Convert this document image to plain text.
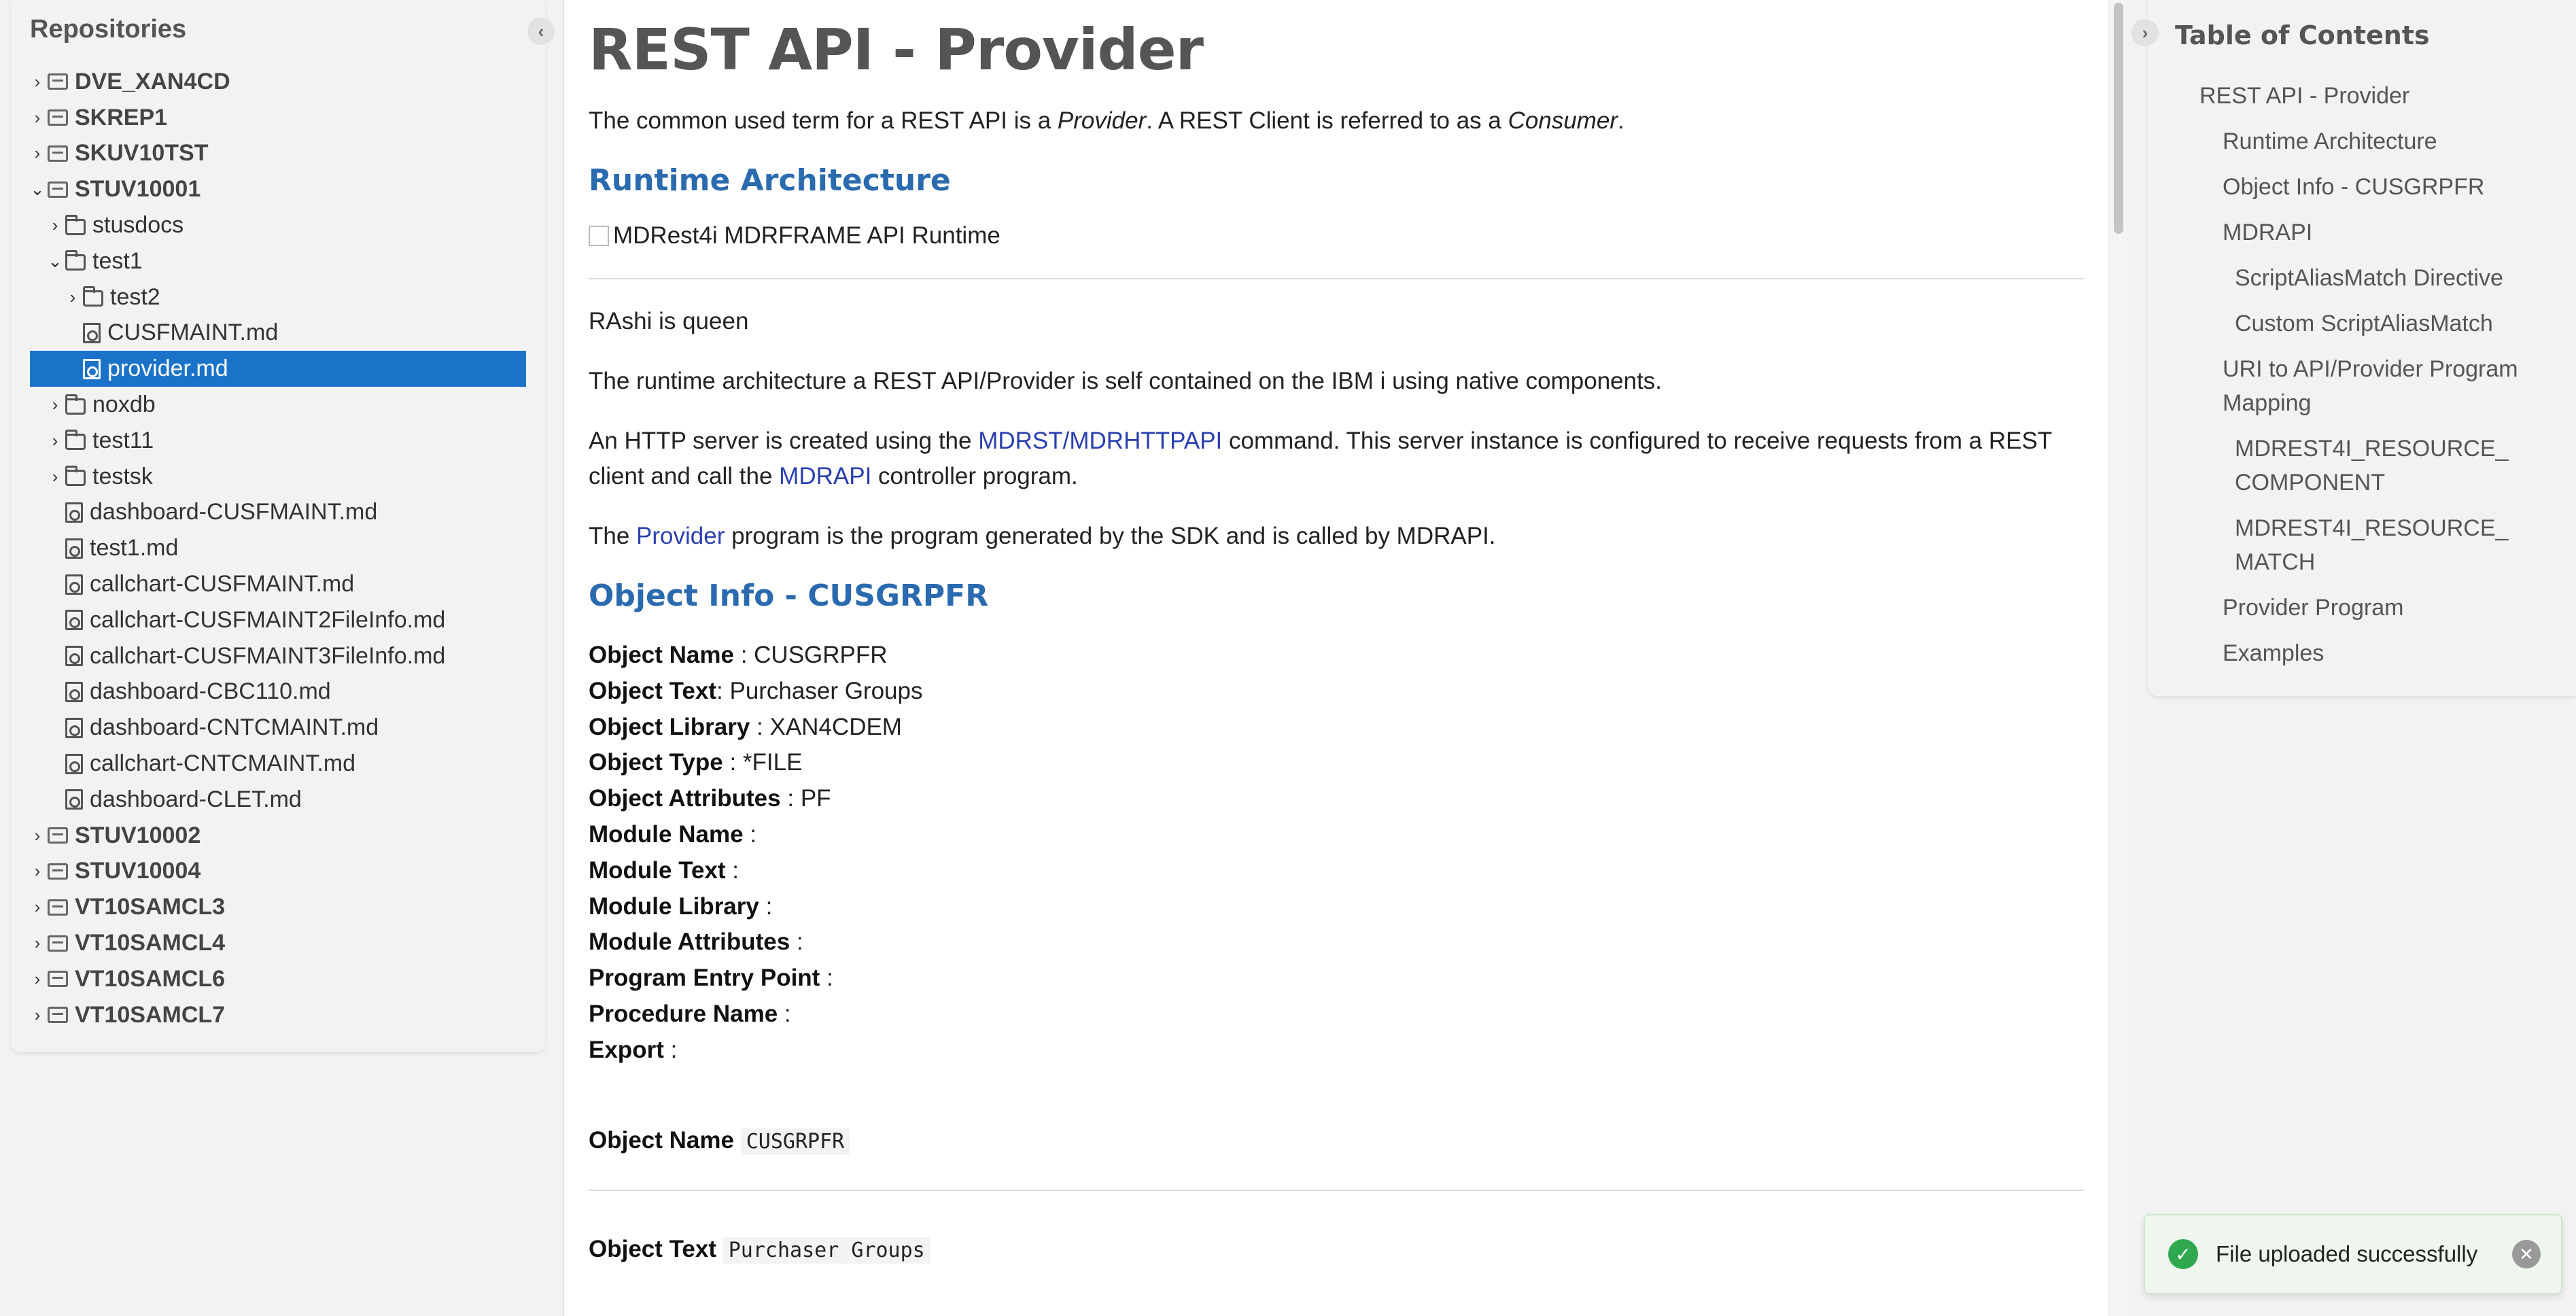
Repositories
› DVE_XAN4CD
› SKREP1
› SKUV10TST
⌄ STUV10001
› stusdocs
⌄ test1
› test2
CUSFMAINT.md
provider.md
› noxdb
› test11
› testsk
dashboard-CUSFMAINT.md
test1.md
callchart-CUSFMAINT.md
callchart-CUSFMAINT2FileInfo.md
callchart-CUSFMAINT3FileInfo.md
dashboard-CBC110.md
dashboard-CNTCMAINT.md
callchart-CNTCMAINT.md
dashboard-CLET.md
› STUV10002
› STUV10004
› VT10SAMCL3
› VT10SAMCL4
› VT10SAMCL6
› VT10SAMCL7
‹ REST API - Provider

The common used term for a REST API is a Provider. A REST Client is referred to as a Consumer.

Runtime Architecture
MDRest4i MDRFRAME API Runtime

RAshi is queen

The runtime architecture a REST API/Provider is self contained on the IBM i using native components.

An HTTP server is created using the MDRST/MDRHTTPAPI command. This server instance is configured to receive requests from a REST client and call the MDRAPI controller program.

The Provider program is the program generated by the SDK and is called by MDRAPI.

Object Info - CUSGRPFR
Object Name : CUSGRPFR
Object Text: Purchaser Groups
Object Library : XAN4CDEM
Object Type : *FILE
Object Attributes : PF
Module Name :
Module Text :
Module Library :
Module Attributes :
Program Entry Point :
Procedure Name :
Export :
Object Name CUSGRPFR
Object Text Purchaser Groups
› Table of Contents
REST API - Provider
Runtime Architecture
Object Info - CUSGRPFR
MDRAPI
ScriptAliasMatch Directive
Custom ScriptAliasMatch
URI to API/Provider Program Mapping
MDREST4I_RESOURCE_ COMPONENT
MDREST4I_RESOURCE_ MATCH
Provider Program
Examples
✓	File uploaded successfully	✕
